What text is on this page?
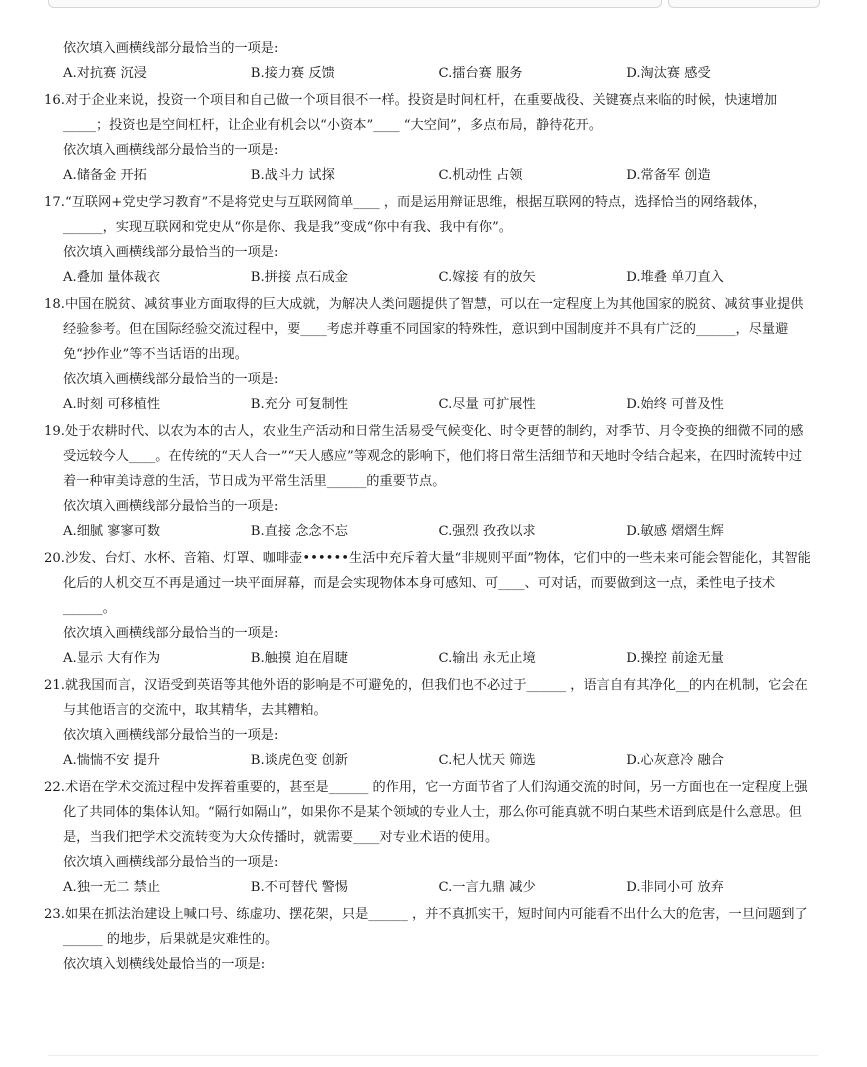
依次填入画横线部分最恰当的一项是:
A.对抗赛 沉浸	B.接力赛 反馈	C.擂台赛 服务	D.淘汰赛 感受
16.对于企业来说，投资一个项目和自己做一个项目很不一样。投资是时间杠杆，在重要战役、关键赛点来临的时候，快速增加_____；投资也是空间杠杆，让企业有机会以“小资本”____ “大空间”，多点布局，静待花开。
依次填入画横线部分最恰当的一项是:
A.储备金 开拓	B.战斗力 试探	C.机动性 占领	D.常备军 创造
17.“互联网+党史学习教育”不是将党史与互联网简单____ ，而是运用辩证思维，根据互联网的特点，选择恰当的网络载体，______，实现互联网和党史从“你是你、我是我”变成“你中有我、我中有你”。
依次填入画横线部分最恰当的一项是:
A.叠加 量体裁衣	B.拼接 点石成金	C.嫁接 有的放矢	D.堆叠 单刀直入
18.中国在脱贫、减贫事业方面取得的巨大成就，为解决人类问题提供了智慧，可以在一定程度上为其他国家的脱贫、减贫事业提供经验参考。但在国际经验交流过程中，要____考虑并尊重不同国家的特殊性，意识到中国制度并不具有广泛的______，尽量避免“抄作业”等不当话语的出现。
依次填入画横线部分最恰当的一项是:
A.时刻 可移植性	B.充分 可复制性	C.尽量 可扩展性	D.始终 可普及性
19.处于农耕时代、以农为本的古人，农业生产活动和日常生活易受气候变化、时令更替的制约，对季节、月令变换的细微不同的感受远较今人____。在传统的“天人合一”“天人感应”等观念的影响下，他们将日常生活细节和天地时令结合起来，在四时流转中过着一种审美诗意的生活，节日成为平常生活里______的重要节点。
依次填入画横线部分最恰当的一项是:
A.细腻 寥寥可数	B.直接 念念不忘	C.强烈 孜孜以求	D.敏感 熠熠生辉
20.沙发、台灯、水杯、音箱、灯罩、咖啡壶••••••生活中充斥着大量“非规则平面”物体，它们中的一些未来可能会智能化，其智能化后的人机交互不再是通过一块平面屏幕，而是会实现物体本身可感知、可____、可对话，而要做到这一点，柔性电子技术______。
依次填入画横线部分最恰当的一项是:
A.显示 大有作为	B.触摸 迫在眉睫	C.输出 永无止境	D.操控 前途无量
21.就我国而言，汉语受到英语等其他外语的影响是不可避免的，但我们也不必过于______ ，语言自有其净化__的内在机制，它会在与其他语言的交流中，取其精华，去其糟粕。
依次填入画横线部分最恰当的一项是:
A.惴惴不安 提升	B.谈虎色变 创新	C.杞人忧天 筛选	D.心灰意冷 融合
22.术语在学术交流过程中发挥着重要的，甚至是______ 的作用，它一方面节省了人们沟通交流的时间，另一方面也在一定程度上强化了共同体的集体认知。“隔行如隔山”，如果你不是某个领域的专业人士，那么你可能真就不明白某些术语到底是什么意思。但是，当我们把学术交流转变为大众传播时，就需要____对专业术语的使用。
依次填入画横线部分最恰当的一项是:
A.独一无二 禁止	B.不可替代 警惕	C.一言九鼎 减少	D.非同小可 放弃
23.如果在抓法治建设上喊口号、练虚功、摆花架，只是______ ，并不真抓实干，短时间内可能看不出什么大的危害，一旦问题到了______ 的地步，后果就是灾难性的。
依次填入划横线处最恰当的一项是:
